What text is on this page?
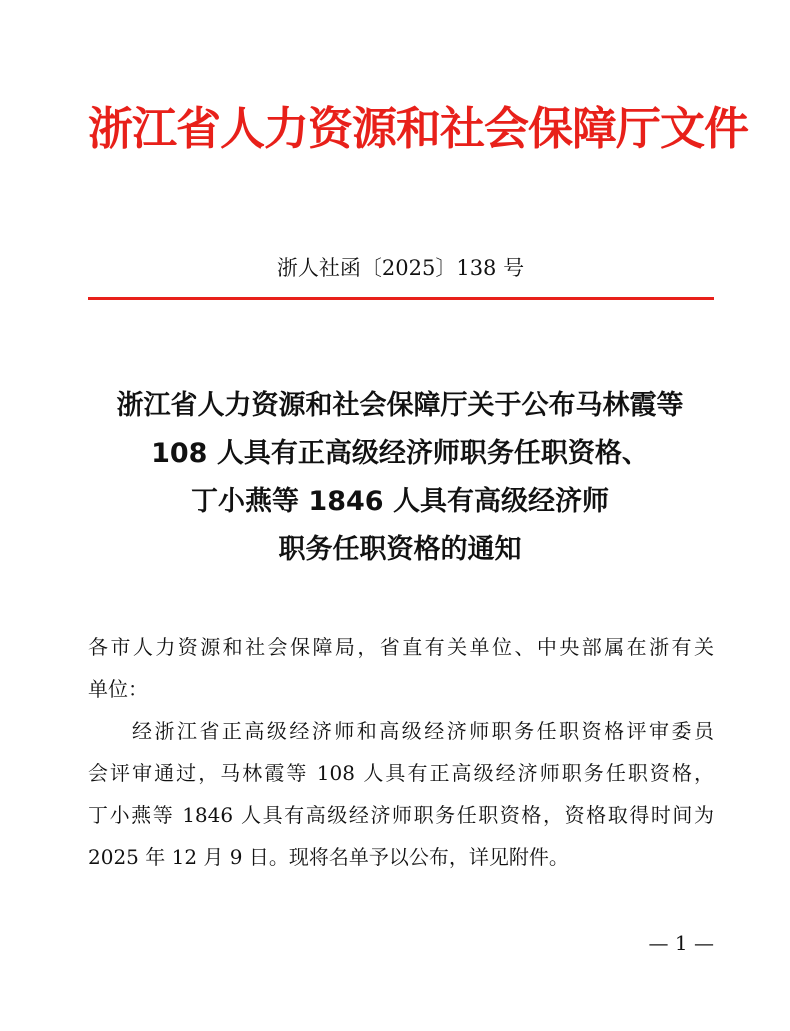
浙江省人力资源和社会保障厅文件
浙人社函〔2025〕138 号
浙江省人力资源和社会保障厅关于公布马林霞等
108 人具有正高级经济师职务任职资格、
丁小燕等 1846 人具有高级经济师
职务任职资格的通知

各市人力资源和社会保障局，省直有关单位、中央部属在浙有关
单位：

经浙江省正高级经济师和高级经济师职务任职资格评审委员
会评审通过，马林霞等 108 人具有正高级经济师职务任职资格，
丁小燕等 1846 人具有高级经济师职务任职资格，资格取得时间为
2025 年 12 月 9 日。现将名单予以公布，详见附件。

— 1 —
